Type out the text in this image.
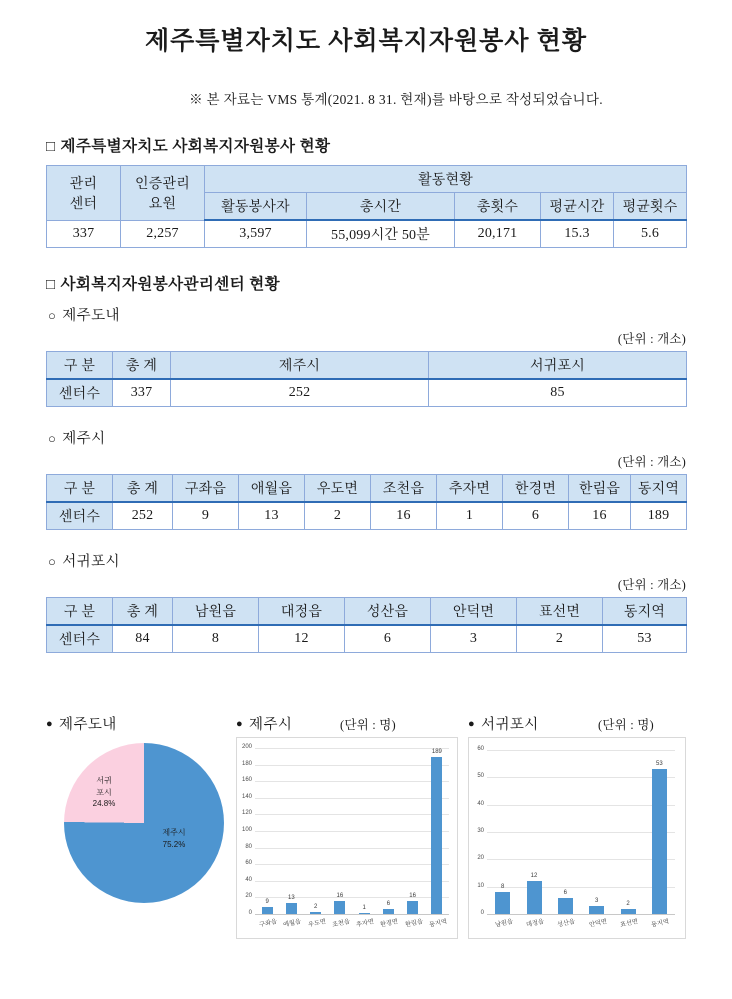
제주특별자치도 사회복지자원봉사 현황

※ 본 자료는 VMS 통계(2021. 8 31. 현재)를 바탕으로 작성되었습니다.

□ 제주특별자치도 사회복지자원봉사 현황
관리
센터

인증관리
요원
	활동현황
		활동봉사자	총시간	총횟수	평균시간	평균횟수
337	2,257	3,597	55,099시간 50분	20,171	15.3	5.6
□ 사회복지자원봉사관리센터 현황
○ 제주도내
(단위 : 개소)
구 분	총 계	제주시	서귀포시
센터수	337	252	85
○ 제주시
(단위 : 개소)
구 분	총 계	구좌읍	애월읍	우도면	조천읍	추자면	한경면	한림읍	동지역
센터수	252	9	13	2	16	1	6	16	189
○ 서귀포시
(단위 : 개소)
구 분	총 계	남원읍	대정읍	성산읍	안덕면	표선면	동지역
센터수	84	8	12	6	3	2	53
● 제주도내
제주시
75.2%
서귀
포시
24.8%
● 제주시	(단위 : 명)
0
20
40
60
80
100
120
140
160
180
200
9
구좌읍
13
애월읍
2
우도면
16
조천읍
1
추자면
6
한경면
16
한림읍
189
동지역
● 서귀포시	(단위 : 명)
0
10
20
30
40
50
60
8
남원읍
12
대정읍
6
성산읍
3
안덕면
2
표선면
53
동지역
